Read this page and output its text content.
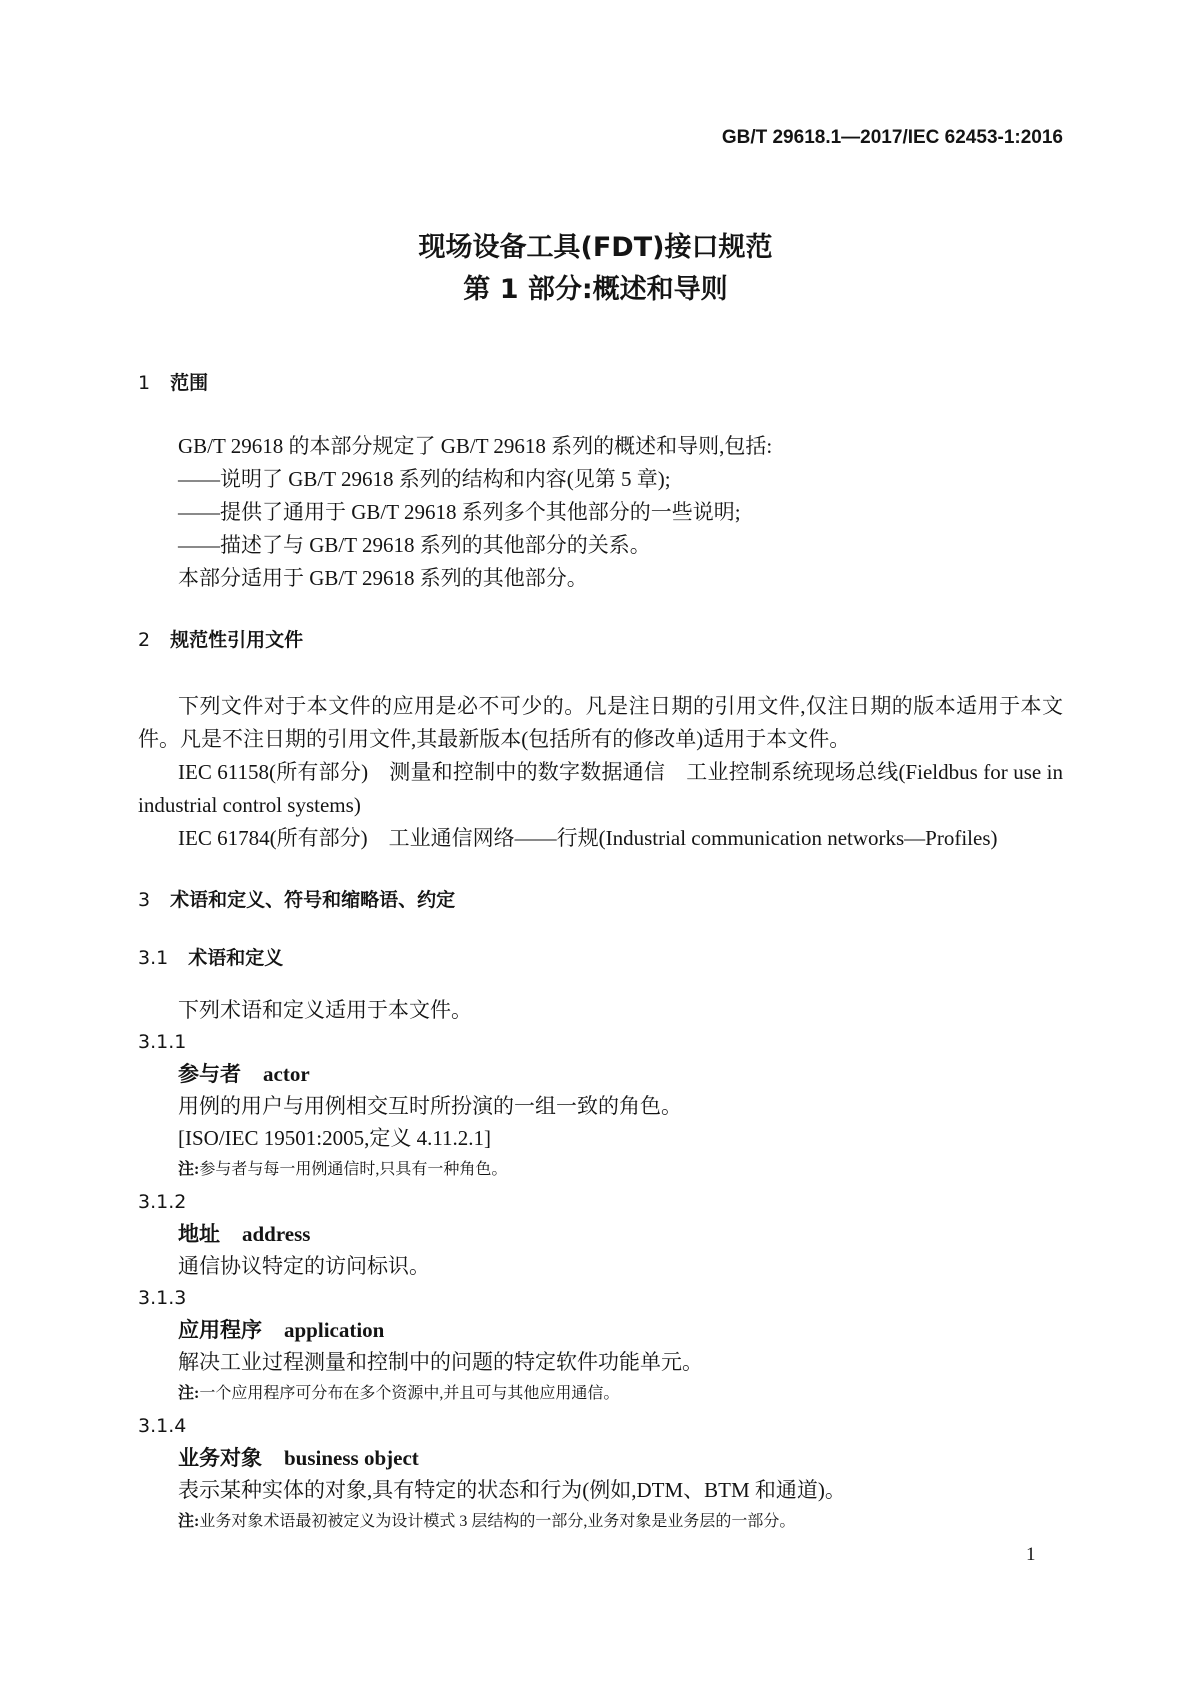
GB/T 29618.1—2017/IEC 62453-1:2016
现场设备工具(FDT)接口规范
第 1 部分:概述和导则
1 范围
GB/T 29618 的本部分规定了 GB/T 29618 系列的概述和导则,包括:
——说明了 GB/T 29618 系列的结构和内容(见第 5 章);
——提供了通用于 GB/T 29618 系列多个其他部分的一些说明;
——描述了与 GB/T 29618 系列的其他部分的关系。
本部分适用于 GB/T 29618 系列的其他部分。
2 规范性引用文件
下列文件对于本文件的应用是必不可少的。凡是注日期的引用文件,仅注日期的版本适用于本文件。凡是不注日期的引用文件,其最新版本(包括所有的修改单)适用于本文件。
IEC 61158(所有部分) 测量和控制中的数字数据通信　工业控制系统现场总线(Fieldbus for use in industrial control systems)
IEC 61784(所有部分) 工业通信网络——行规(Industrial communication networks—Profiles)
3 术语和定义、符号和缩略语、约定
3.1 术语和定义
下列术语和定义适用于本文件。
3.1.1
参与者 actor
用例的用户与用例相交互时所扮演的一组一致的角色。
[ISO/IEC 19501:2005,定义 4.11.2.1]
注:参与者与每一用例通信时,只具有一种角色。
3.1.2
地址 address
通信协议特定的访问标识。
3.1.3
应用程序 application
解决工业过程测量和控制中的问题的特定软件功能单元。
注:一个应用程序可分布在多个资源中,并且可与其他应用通信。
3.1.4
业务对象 business object
表示某种实体的对象,具有特定的状态和行为(例如,DTM、BTM 和通道)。
注:业务对象术语最初被定义为设计模式 3 层结构的一部分,业务对象是业务层的一部分。
1
